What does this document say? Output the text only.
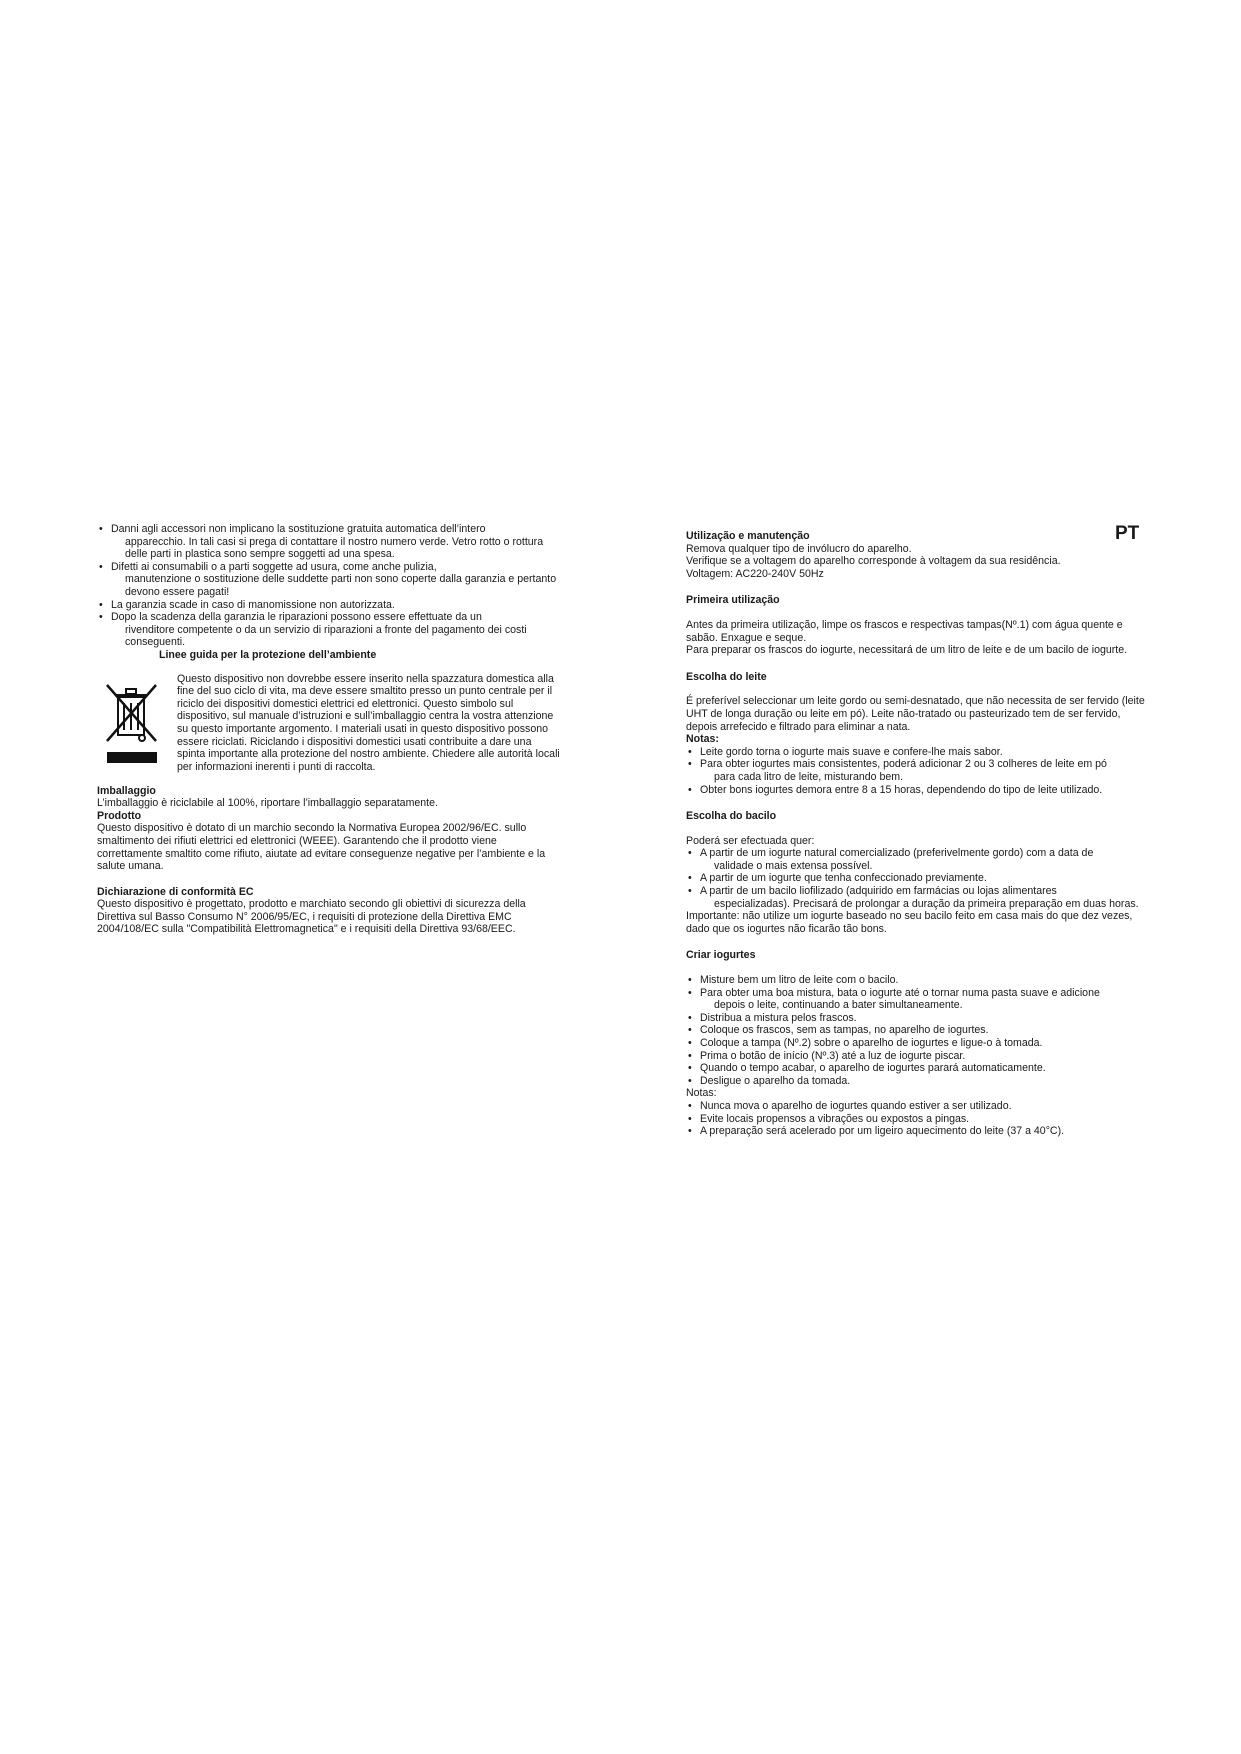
PT
• Danni agli accessori non implicano la sostituzione gratuita automatica dell’intero
apparecchio. In tali casi si prega di contattare il nostro numero verde. Vetro rotto o rottura delle parti in plastica sono sempre soggetti ad una spesa.
• Difetti ai consumabili o a parti soggette ad usura, come anche pulizia,
manutenzione o sostituzione delle suddette parti non sono coperte dalla garanzia e pertanto devono essere pagati!
• La garanzia scade in caso di manomissione non autorizzata.
• Dopo la scadenza della garanzia le riparazioni possono essere effettuate da un
rivenditore competente o da un servizio di riparazioni a fronte del pagamento dei costi conseguenti.
Linee guida per la protezione dell’ambiente
Questo dispositivo non dovrebbe essere inserito nella spazzatura domestica alla fine del suo ciclo di vita, ma deve essere smaltito presso un punto centrale per il riciclo dei dispositivi domestici elettrici ed elettronici. Questo simbolo sul dispositivo, sul manuale d’istruzioni e sull’imballaggio centra la vostra attenzione su questo importante argomento. I materiali usati in questo dispositivo possono essere riciclati. Riciclando i dispositivi domestici usati contribuite a dare una spinta importante alla protezione del nostro ambiente. Chiedere alle autorità locali per informazioni inerenti i punti di raccolta.
Imballaggio

L’imballaggio è riciclabile al 100%, riportare l’imballaggio separatamente.

Prodotto

Questo dispositivo è dotato di un marchio secondo la Normativa Europea 2002/96/EC. sullo smaltimento dei rifiuti elettrici ed elettronici (WEEE). Garantendo che il prodotto viene correttamente smaltito come rifiuto, aiutate ad evitare conseguenze negative per l’ambiente e la salute umana.

Dichiarazione di conformità EC

Questo dispositivo è progettato, prodotto e marchiato secondo gli obiettivi di sicurezza della Direttiva sul Basso Consumo N° 2006/95/EC, i requisiti di protezione della Direttiva EMC 2004/108/EC sulla "Compatibilità Elettromagnetica" e i requisiti della Direttiva 93/68/EEC.

Utilização e manutenção

Remova qualquer tipo de invólucro do aparelho.

Verifique se a voltagem do aparelho corresponde à voltagem da sua residência.

Voltagem: AC220-240V 50Hz

Primeira utilização

Antes da primeira utilização, limpe os frascos e respectivas tampas(Nº.1) com água quente e sabão. Enxague e seque.

Para preparar os frascos do iogurte, necessitará de um litro de leite e de um bacilo de iogurte.

Escolha do leite

É preferível seleccionar um leite gordo ou semi-desnatado, que não necessita de ser fervido (leite UHT de longa duração ou leite em pó). Leite não-tratado ou pasteurizado tem de ser fervido, depois arrefecido e filtrado para eliminar a nata.

Notas:
• Leite gordo torna o iogurte mais suave e confere-lhe mais sabor.
• Para obter iogurtes mais consistentes, poderá adicionar 2 ou 3 colheres de leite em pó
para cada litro de leite, misturando bem.
• Obter bons iogurtes demora entre 8 a 15 horas, dependendo do tipo de leite utilizado.
Escolha do bacilo

Poderá ser efectuada quer:

• A partir de um iogurte natural comercializado (preferivelmente gordo) com a data de
validade o mais extensa possível.
• A partir de um iogurte que tenha confeccionado previamente.
• A partir de um bacilo liofilizado (adquirido em farmácias ou lojas alimentares
especializadas). Precisará de prolongar a duração da primeira preparação em duas horas.

Importante: não utilize um iogurte baseado no seu bacilo feito em casa mais do que dez vezes, dado que os iogurtes não ficarão tão bons.

Criar iogurtes
• Misture bem um litro de leite com o bacilo.
• Para obter uma boa mistura, bata o iogurte até o tornar numa pasta suave e adicione
depois o leite, continuando a bater simultaneamente.
• Distribua a mistura pelos frascos.
• Coloque os frascos, sem as tampas, no aparelho de iogurtes.
• Coloque a tampa (Nº.2) sobre o aparelho de iogurtes e ligue-o à tomada.
• Prima o botão de início (Nº.3) até a luz de iogurte piscar.
• Quando o tempo acabar, o aparelho de iogurtes parará automaticamente.
• Desligue o aparelho da tomada.

Notas:

• Nunca mova o aparelho de iogurtes quando estiver a ser utilizado.
• Evite locais propensos a vibrações ou expostos a pingas.
• A preparação será acelerado por um ligeiro aquecimento do leite (37 a 40°C).
